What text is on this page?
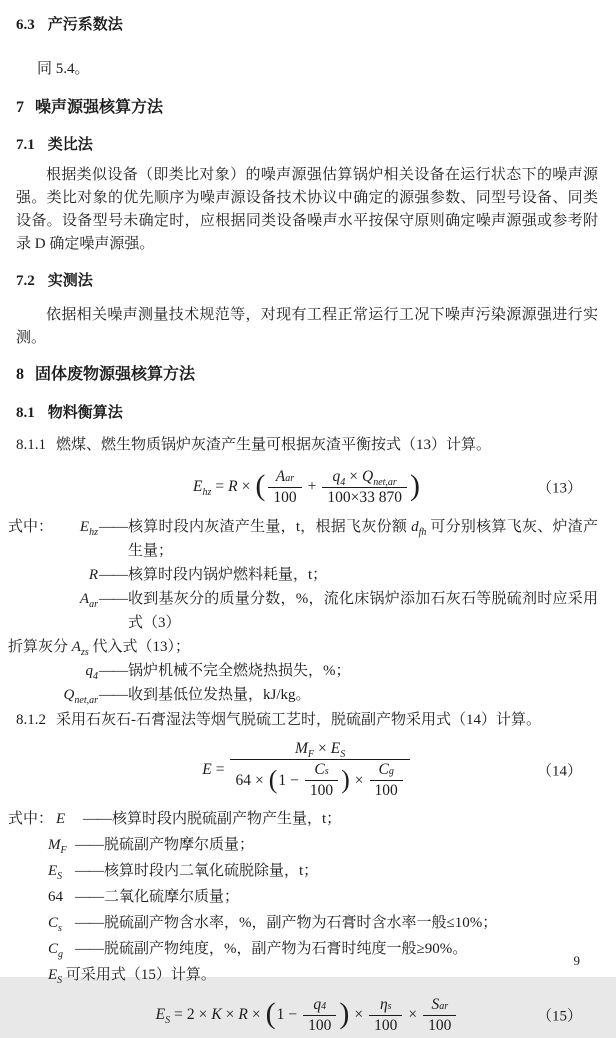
6.3 产污系数法

同 5.4。

7 噪声源强核算方法
7.1 类比法

根据类似设备（即类比对象）的噪声源强估算锅炉相关设备在运行状态下的噪声源强。类比对象的优先顺序为噪声源设备技术协议中确定的源强参数、同型号设备、同类设备。设备型号未确定时，应根据同类设备噪声水平按保守原则确定噪声源强或参考附录 D 确定噪声源强。

7.2 实测法

依据相关噪声测量技术规范等，对现有工程正常运行工况下噪声污染源源强进行实测。

8 固体废物源强核算方法
8.1 物料衡算法

8.1.1 燃煤、燃生物质锅炉灰渣产生量可根据灰渣平衡按式（13）计算。

$E_{hz} = R$ × ( $\frac{\text{A ar}}{100} + \frac{q_4 \times Q_{net,ar}}{100\times 33 870}$ )	（13）
式中：	$E_{hz}$ —— 核算时段内灰渣产生量，t，根据飞灰份额 $d_{fh}$ 可分别核算飞灰、炉渣产生量；
R —— 核算时段内锅炉燃料耗量，t；
$A_{ar}$ —— 收到基灰分的质量分数，%，流化床锅炉添加石灰石等脱硫剂时应采用式（3）
折算灰分 $A_{zs}$ 代入式（13）；
$q_4$ —— 锅炉机械不完全燃烧热损失，%；
$Q_{net,ar}$ —— 收到基低位发热量，kJ/kg。

8.1.2 采用石灰石-石膏湿法等烟气脱硫工艺时，脱硫副产物采用式（14）计算。

E =
$M_F \times E_S$
64 × ( $1 - \frac{\text{C s}}{100}$ ) × $\frac{\text{C g}}{100}$	（14）
式中： E	—— 核算时段内脱硫副产物产生量，t；
$M_F$ —— 脱硫副产物摩尔质量；
$E_S$ —— 核算时段内二氧化硫脱除量，t；
64 —— 二氧化硫摩尔质量；
$C_s$ —— 脱硫副产物含水率，%，副产物为石膏时含水率一般≤10%；
$C_g$ —— 脱硫副产物纯度，%，副产物为石膏时纯度一般≥90%。
$E_S$ 可采用式（15）计算。
$E_S = 2 \times K \times R$ × ( $1 - \frac{q 4}{100}$ ) × $\frac{\text{η s}}{100} \times \frac{\text{S ar}}{100}$	（15）
9
